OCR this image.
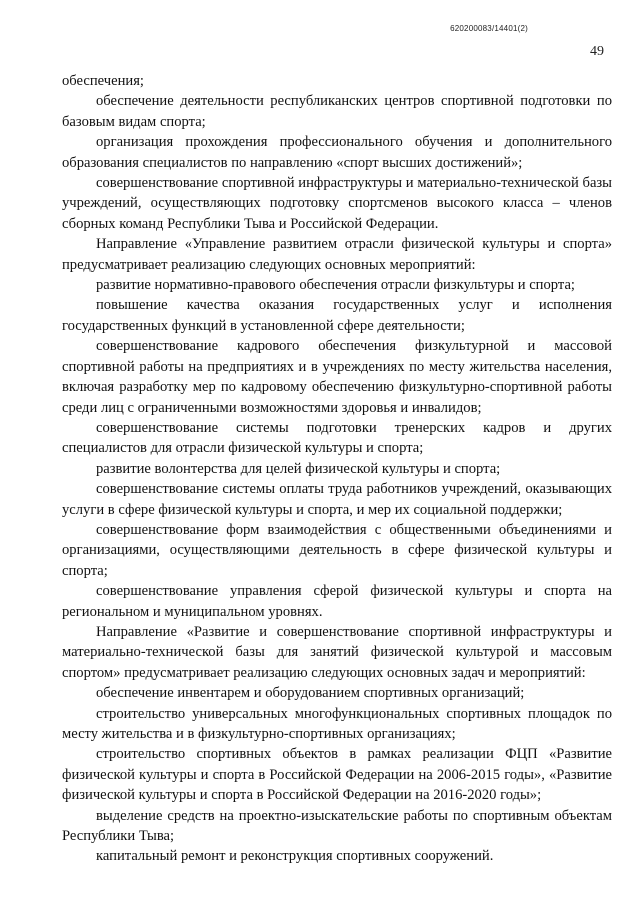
620200083/14401(2)
49

обеспечения;

обеспечение деятельности республиканских центров спортивной подготовки по базовым видам спорта;

организация прохождения профессионального обучения и дополнительного образования специалистов по направлению «спорт высших достижений»;

совершенствование спортивной инфраструктуры и материально-технической базы учреждений, осуществляющих подготовку спортсменов высокого класса – членов сборных команд Республики Тыва и Российской Федерации.

Направление «Управление развитием отрасли физической культуры и спорта» предусматривает реализацию следующих основных мероприятий:

развитие нормативно-правового обеспечения отрасли физкультуры и спорта;

повышение качества оказания государственных услуг и исполнения государственных функций в установленной сфере деятельности;

совершенствование кадрового обеспечения физкультурной и массовой спортивной работы на предприятиях и в учреждениях по месту жительства населения, включая разработку мер по кадровому обеспечению физкультурно-спортивной работы среди лиц с ограниченными возможностями здоровья и инвалидов;

совершенствование системы подготовки тренерских кадров и других специалистов для отрасли физической культуры и спорта;

развитие волонтерства для целей физической культуры и спорта;

совершенствование системы оплаты труда работников учреждений, оказывающих услуги в сфере физической культуры и спорта, и мер их социальной поддержки;

совершенствование форм взаимодействия с общественными объединениями и организациями, осуществляющими деятельность в сфере физической культуры и спорта;

совершенствование управления сферой физической культуры и спорта на региональном и муниципальном уровнях.

Направление «Развитие и совершенствование спортивной инфраструктуры и материально-технической базы для занятий физической культурой и массовым спортом» предусматривает реализацию следующих основных задач и мероприятий:

обеспечение инвентарем и оборудованием спортивных организаций;

строительство универсальных многофункциональных спортивных площадок по месту жительства и в физкультурно-спортивных организациях;

строительство спортивных объектов в рамках реализации ФЦП «Развитие физической культуры и спорта в Российской Федерации на 2006-2015 годы», «Развитие физической культуры и спорта в Российской Федерации на 2016-2020 годы»;

выделение средств на проектно-изыскательские работы по спортивным объектам Республики Тыва;

капитальный ремонт и реконструкция спортивных сооружений.
